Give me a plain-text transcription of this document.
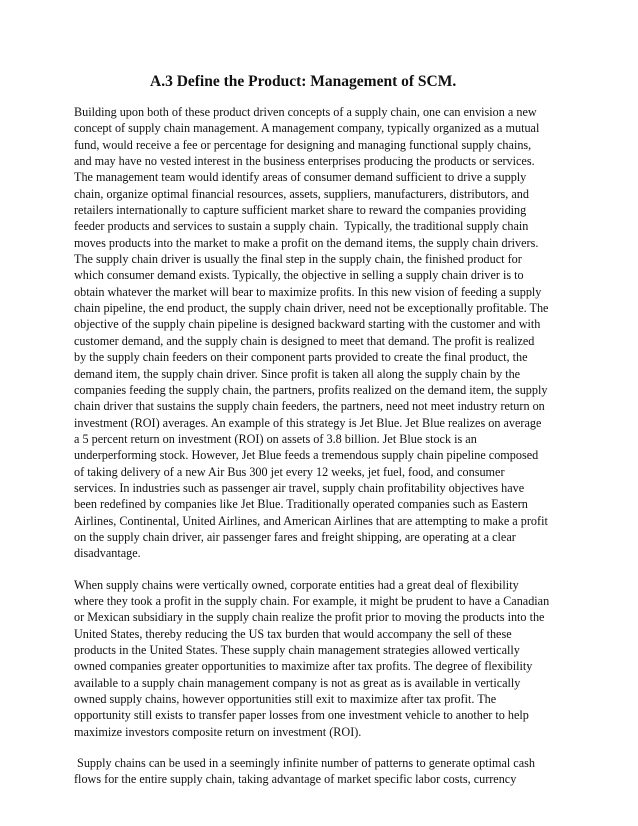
A.3 Define the Product: Management of SCM.

Building upon both of these product driven concepts of a supply chain, one can envision a new
concept of supply chain management. A management company, typically organized as a mutual
fund, would receive a fee or percentage for designing and managing functional supply chains,
and may have no vested interest in the business enterprises producing the products or services.
The management team would identify areas of consumer demand sufficient to drive a supply
chain, organize optimal financial resources, assets, suppliers, manufacturers, distributors, and
retailers internationally to capture sufficient market share to reward the companies providing
feeder products and services to sustain a supply chain.  Typically, the traditional supply chain
moves products into the market to make a profit on the demand items, the supply chain drivers.
The supply chain driver is usually the final step in the supply chain, the finished product for
which consumer demand exists. Typically, the objective in selling a supply chain driver is to
obtain whatever the market will bear to maximize profits. In this new vision of feeding a supply
chain pipeline, the end product, the supply chain driver, need not be exceptionally profitable. The
objective of the supply chain pipeline is designed backward starting with the customer and with
customer demand, and the supply chain is designed to meet that demand. The profit is realized
by the supply chain feeders on their component parts provided to create the final product, the
demand item, the supply chain driver. Since profit is taken all along the supply chain by the
companies feeding the supply chain, the partners, profits realized on the demand item, the supply
chain driver that sustains the supply chain feeders, the partners, need not meet industry return on
investment (ROI) averages. An example of this strategy is Jet Blue. Jet Blue realizes on average
a 5 percent return on investment (ROI) on assets of 3.8 billion. Jet Blue stock is an
underperforming stock. However, Jet Blue feeds a tremendous supply chain pipeline composed
of taking delivery of a new Air Bus 300 jet every 12 weeks, jet fuel, food, and consumer
services. In industries such as passenger air travel, supply chain profitability objectives have
been redefined by companies like Jet Blue. Traditionally operated companies such as Eastern
Airlines, Continental, United Airlines, and American Airlines that are attempting to make a profit
on the supply chain driver, air passenger fares and freight shipping, are operating at a clear
disadvantage.

When supply chains were vertically owned, corporate entities had a great deal of flexibility
where they took a profit in the supply chain. For example, it might be prudent to have a Canadian
or Mexican subsidiary in the supply chain realize the profit prior to moving the products into the
United States, thereby reducing the US tax burden that would accompany the sell of these
products in the United States. These supply chain management strategies allowed vertically
owned companies greater opportunities to maximize after tax profits. The degree of flexibility
available to a supply chain management company is not as great as is available in vertically
owned supply chains, however opportunities still exit to maximize after tax profit. The
opportunity still exists to transfer paper losses from one investment vehicle to another to help
maximize investors composite return on investment (ROI).

Supply chains can be used in a seemingly infinite number of patterns to generate optimal cash
flows for the entire supply chain, taking advantage of market specific labor costs, currency
